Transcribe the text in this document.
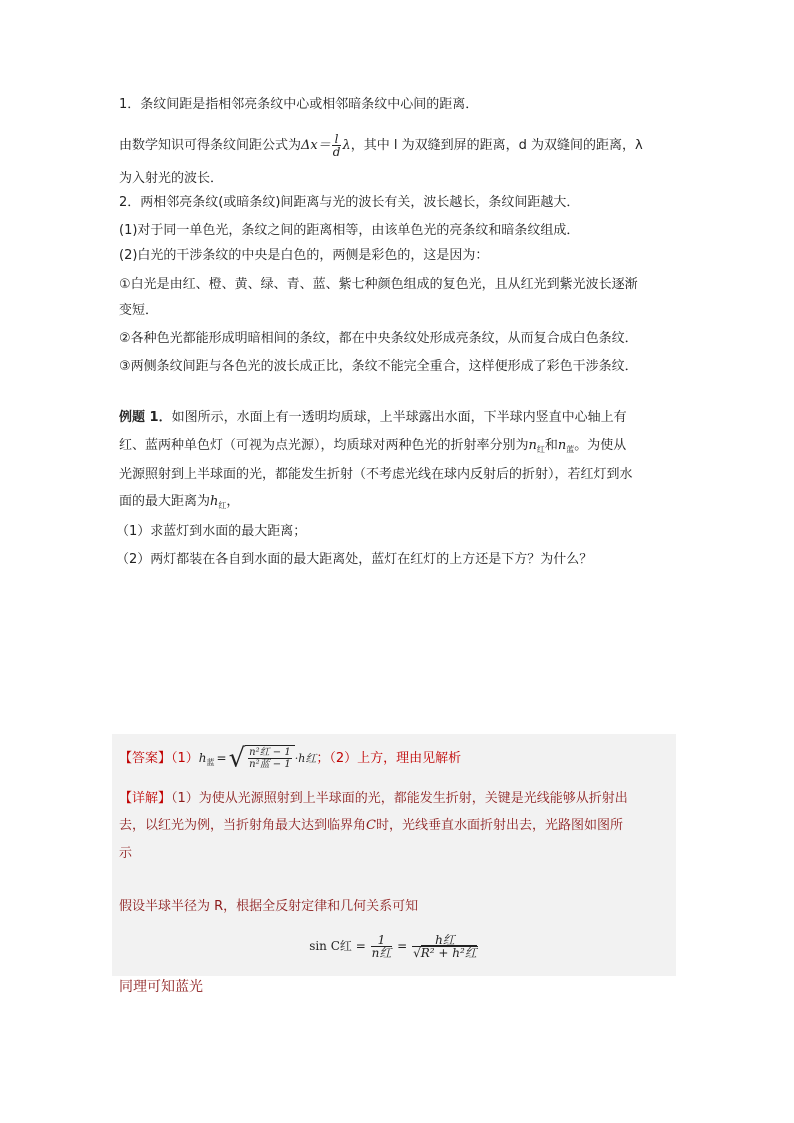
1．条纹间距是指相邻亮条纹中心或相邻暗条纹中心间的距离．
由数学知识可得条纹间距公式为$\Delta x= \frac{l}{d}$ λ，其中 l 为双缝到屏的距离，d 为双缝间的距离，λ
为入射光的波长．
2．两相邻亮条纹(或暗条纹)间距离与光的波长有关，波长越长，条纹间距越大．
(1)对于同一单色光，条纹之间的距离相等，由该单色光的亮条纹和暗条纹组成．
(2)白光的干涉条纹的中央是白色的，两侧是彩色的，这是因为：
①白光是由红、橙、黄、绿、青、蓝、紫七种颜色组成的复色光，且从红光到紫光波长逐渐
变短．
②各种色光都能形成明暗相间的条纹，都在中央条纹处形成亮条纹，从而复合成白色条纹．
③两侧条纹间距与各色光的波长成正比，条纹不能完全重合，这样便形成了彩色干涉条纹．
例题 1．如图所示，水面上有一透明均质球，上半球露出水面，下半球内竖直中心轴上有
红、蓝两种单色灯（可视为点光源），均质球对两种色光的折射率分别为$n_红$和$n_蓝$。为使从
光源照射到上半球面的光，都能发生折射（不考虑光线在球内反射后的折射），若红灯到水
面的最大距离为$h_红$，
（1）求蓝灯到水面的最大距离；
（2）两灯都装在各自到水面的最大距离处，蓝灯在红灯的上方还是下方？为什么？
【答案】$(1)h_蓝$ =√ $\frac{\text{n²红 − 1}}{\text{n²蓝 − 1}} \cdot h$红；（2）上方，理由见解析
【详解】（1）为使从光源照射到上半球面的光，都能发生折射，关键是光线能够从折射出
去，以红光为例，当折射角最大达到临界角C时，光线垂直水面折射出去，光路图如图所
示
假设半球半径为 R，根据全反射定律和几何关系可知
sin C红 = $\frac{1}{\text{n红}} = \frac{\text{h红}}{\text{√R² + h²红}}$
同理可知蓝光
